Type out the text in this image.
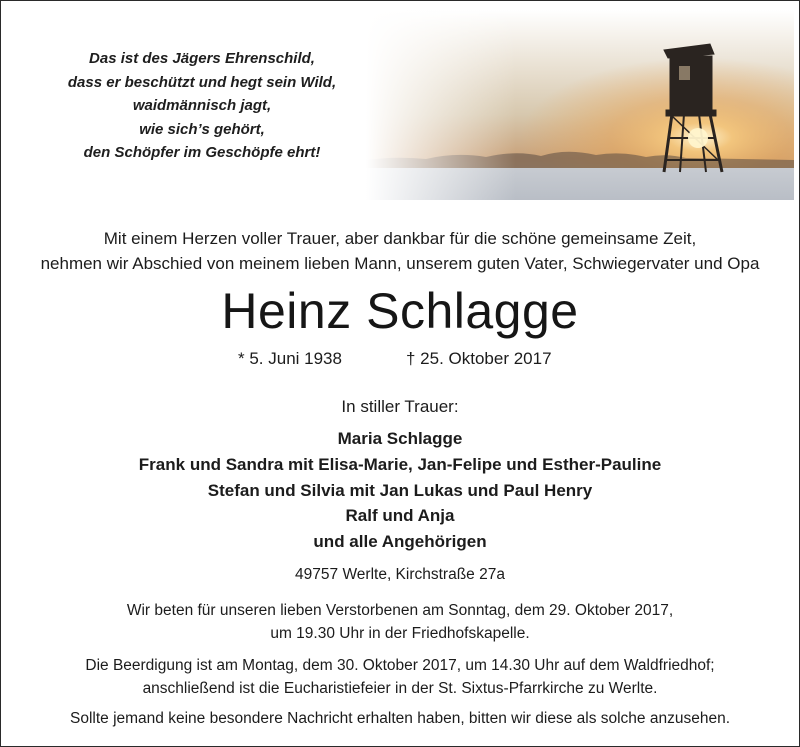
Das ist des Jägers Ehrenschild,
dass er beschützt und hegt sein Wild,
waidmännisch jagt,
wie sich’s gehört,
den Schöpfer im Geschöpfe ehrt!
Mit einem Herzen voller Trauer, aber dankbar für die schöne gemeinsame Zeit,
nehmen wir Abschied von meinem lieben Mann, unserem guten Vater, Schwiegervater und Opa
Heinz Schlagge
* 5. Juni 1938	† 25. Oktober 2017
In stiller Trauer:
Maria Schlagge
Frank und Sandra mit Elisa-Marie, Jan-Felipe und Esther-Pauline
Stefan und Silvia mit Jan Lukas und Paul Henry
Ralf und Anja
und alle Angehörigen
49757 Werlte, Kirchstraße 27a
Wir beten für unseren lieben Verstorbenen am Sonntag, dem 29. Oktober 2017,
um 19.30 Uhr in der Friedhofskapelle.
Die Beerdigung ist am Montag, dem 30. Oktober 2017, um 14.30 Uhr auf dem Waldfriedhof;
anschließend ist die Eucharistiefeier in der St. Sixtus-Pfarrkirche zu Werlte.
Sollte jemand keine besondere Nachricht erhalten haben, bitten wir diese als solche anzusehen.
